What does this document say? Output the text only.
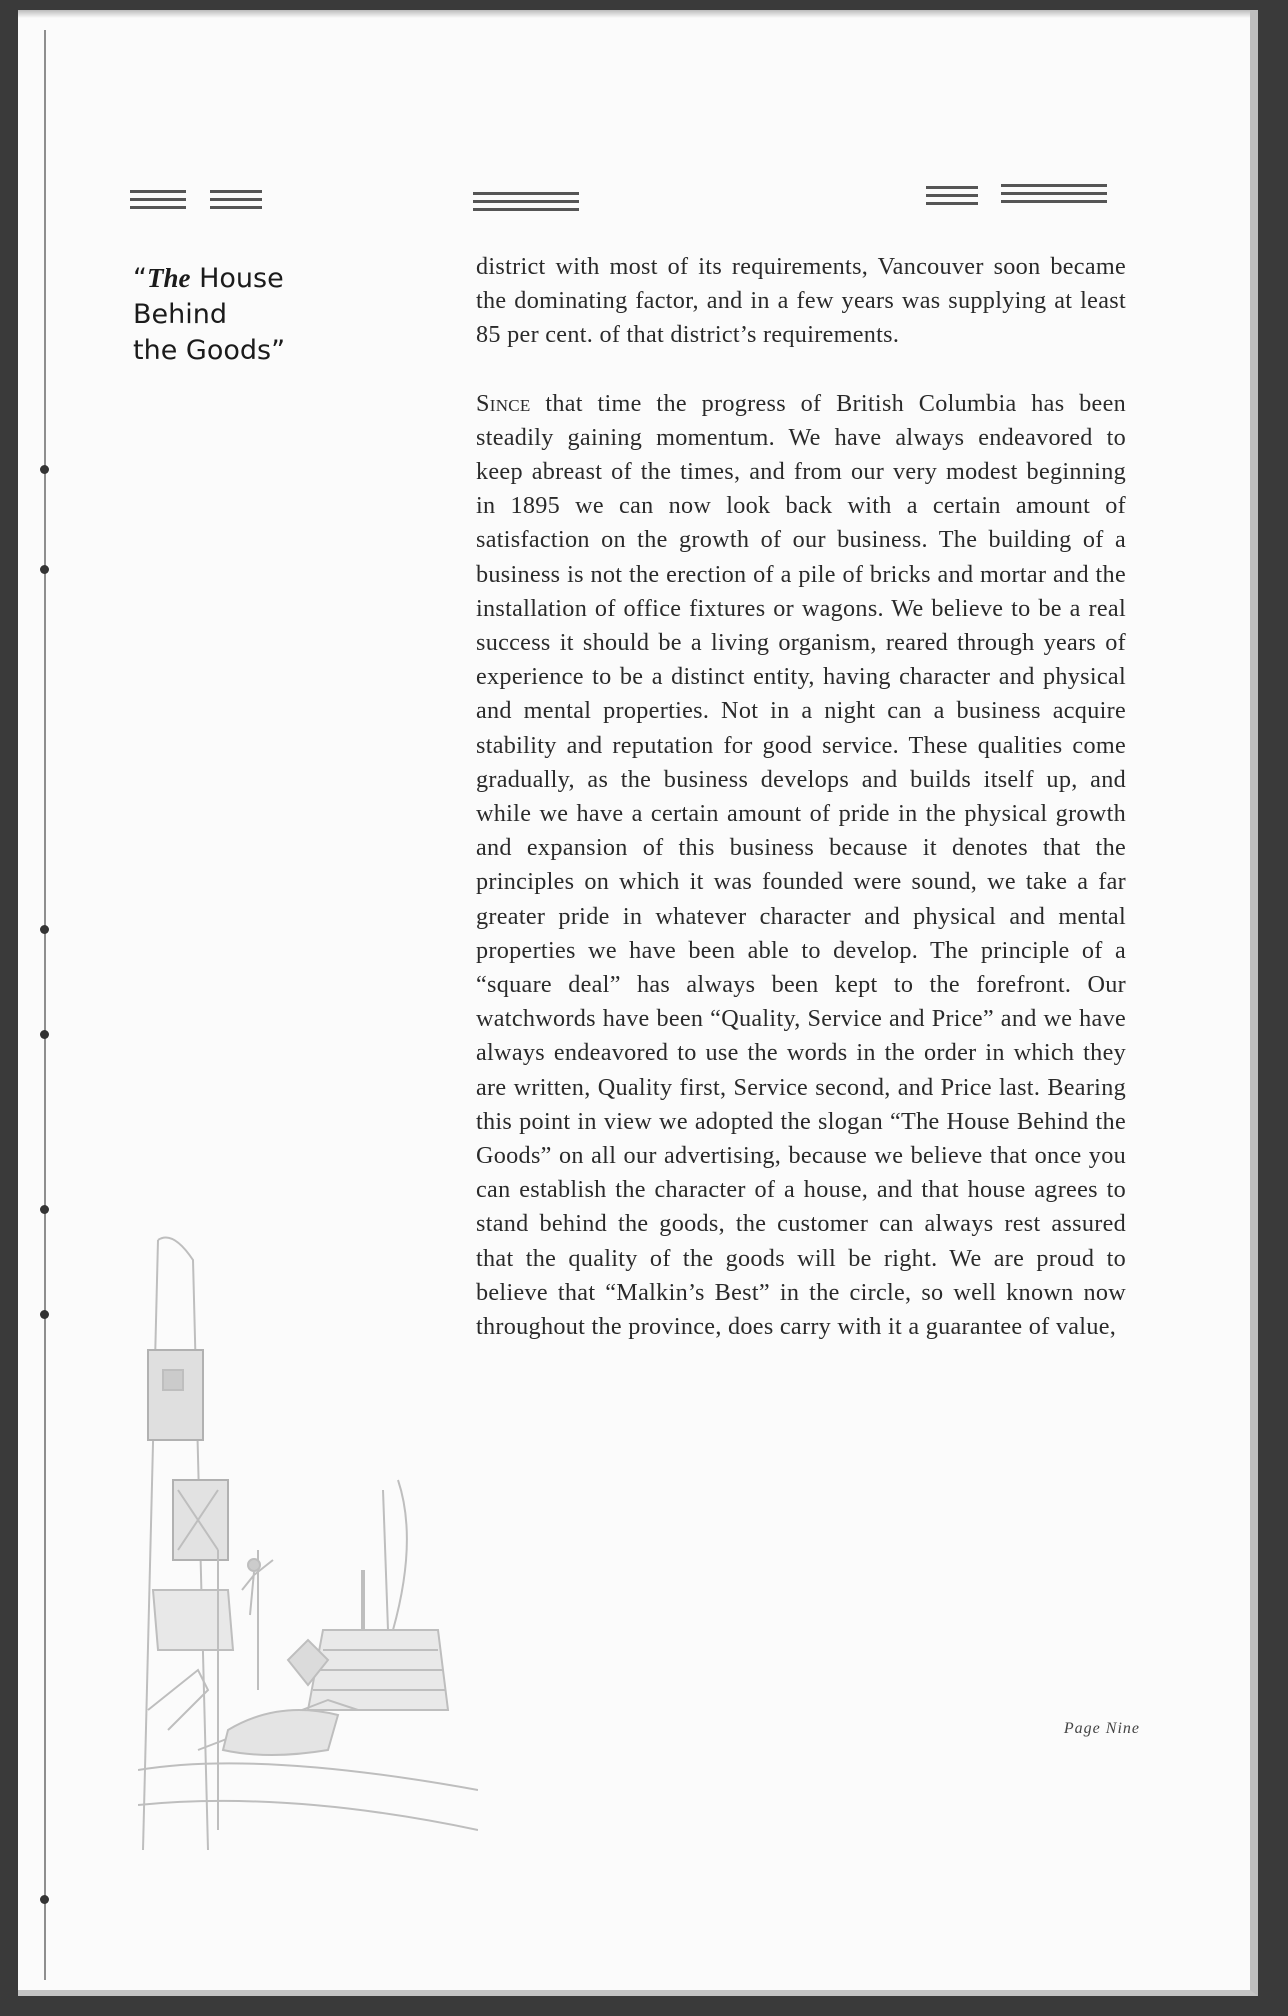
“The House
Behind
the Goods”

district with most of its requirements, Vancouver soon became the dominating factor, and in a few years was supplying at least 85 per cent. of that district’s requirements.

Since that time the progress of British Columbia has been steadily gaining momentum. We have always endeavored to keep abreast of the times, and from our very modest beginning in 1895 we can now look back with a certain amount of satisfaction on the growth of our business. The building of a business is not the erection of a pile of bricks and mortar and the installation of office fixtures or wagons. We believe to be a real success it should be a living organism, reared through years of experience to be a distinct entity, having character and physical and mental properties. Not in a night can a business acquire stability and reputation for good service. These qualities come gradually, as the business develops and builds itself up, and while we have a certain amount of pride in the physical growth and expansion of this business because it denotes that the principles on which it was founded were sound, we take a far greater pride in whatever character and physical and mental properties we have been able to develop. The principle of a “square deal” has always been kept to the forefront. Our watchwords have been “Quality, Service and Price” and we have always endeavored to use the words in the order in which they are written, Quality first, Service second, and Price last. Bearing this point in view we adopted the slogan “The House Behind the Goods” on all our advertising, because we believe that once you can establish the character of a house, and that house agrees to stand behind the goods, the customer can always rest assured that the quality of the goods will be right. We are proud to believe that “Malkin’s Best” in the circle, so well known now throughout the province, does carry with it a guarantee of value,

Page Nine
